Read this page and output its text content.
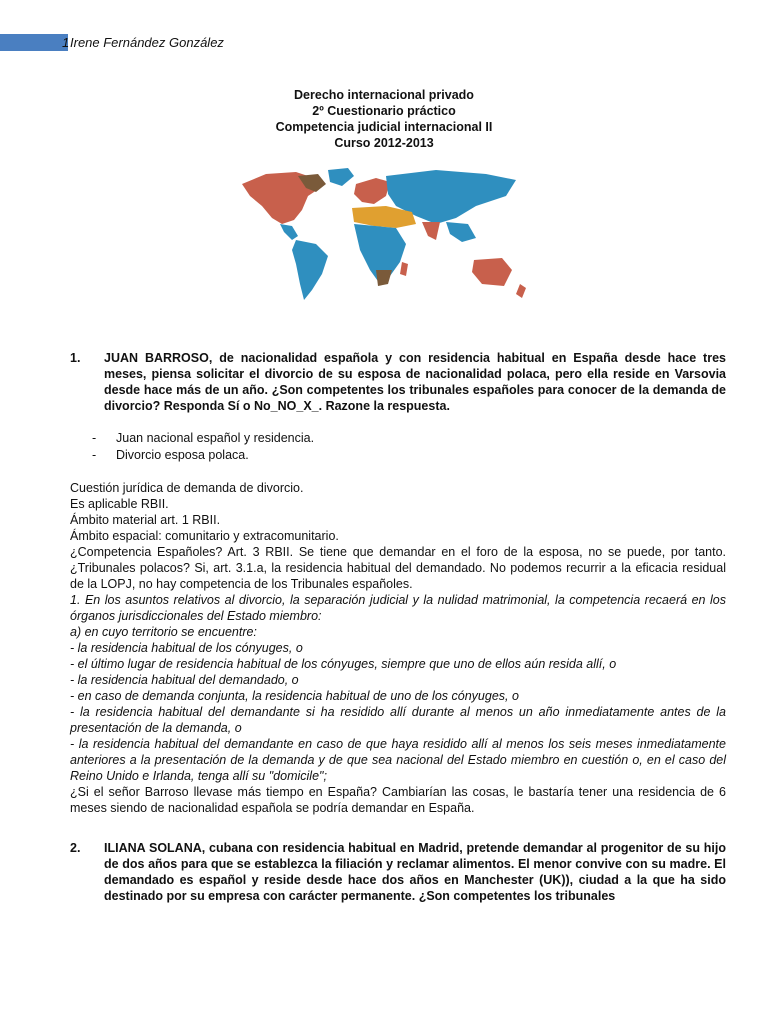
1 Irene Fernández González
Derecho internacional privado
2º Cuestionario práctico
Competencia judicial internacional II
Curso 2012-2013
1. JUAN BARROSO, de nacionalidad española y con residencia habitual en España desde hace tres meses, piensa solicitar el divorcio de su esposa de nacionalidad polaca, pero ella reside en Varsovia desde hace más de un año. ¿Son competentes los tribunales españoles para conocer de la demanda de divorcio? Responda Sí o No_NO_X_. Razone la respuesta.
- Juan nacional español y residencia.
- Divorcio esposa polaca.

Cuestión jurídica de demanda de divorcio.

Es aplicable RBII.

Ámbito material art. 1 RBII.

Ámbito espacial: comunitario y extracomunitario.

¿Competencia Españoles? Art. 3 RBII. Se tiene que demandar en el foro de la esposa, no se puede, por tanto. ¿Tribunales polacos? Si, art. 3.1.a, la residencia habitual del demandado. No podemos recurrir a la eficacia residual de la LOPJ, no hay competencia de los Tribunales españoles.

1. En los asuntos relativos al divorcio, la separación judicial y la nulidad matrimonial, la competencia recaerá en los órganos jurisdiccionales del Estado miembro:

a) en cuyo territorio se encuentre:

- la residencia habitual de los cónyuges, o

- el último lugar de residencia habitual de los cónyuges, siempre que uno de ellos aún resida allí, o

- la residencia habitual del demandado, o

- en caso de demanda conjunta, la residencia habitual de uno de los cónyuges, o

- la residencia habitual del demandante si ha residido allí durante al menos un año inmediatamente antes de la presentación de la demanda, o

- la residencia habitual del demandante en caso de que haya residido allí al menos los seis meses inmediatamente anteriores a la presentación de la demanda y de que sea nacional del Estado miembro en cuestión o, en el caso del Reino Unido e Irlanda, tenga allí su "domicile";

¿Si el señor Barroso llevase más tiempo en España? Cambiarían las cosas, le bastaría tener una residencia de 6 meses siendo de nacionalidad española se podría demandar en España.

2. ILIANA SOLANA, cubana con residencia habitual en Madrid, pretende demandar al progenitor de su hijo de dos años para que se establezca la filiación y reclamar alimentos. El menor convive con su madre. El demandado es español y reside desde hace dos años en Manchester (UK)), ciudad a la que ha sido destinado por su empresa con carácter permanente. ¿Son competentes los tribunales
